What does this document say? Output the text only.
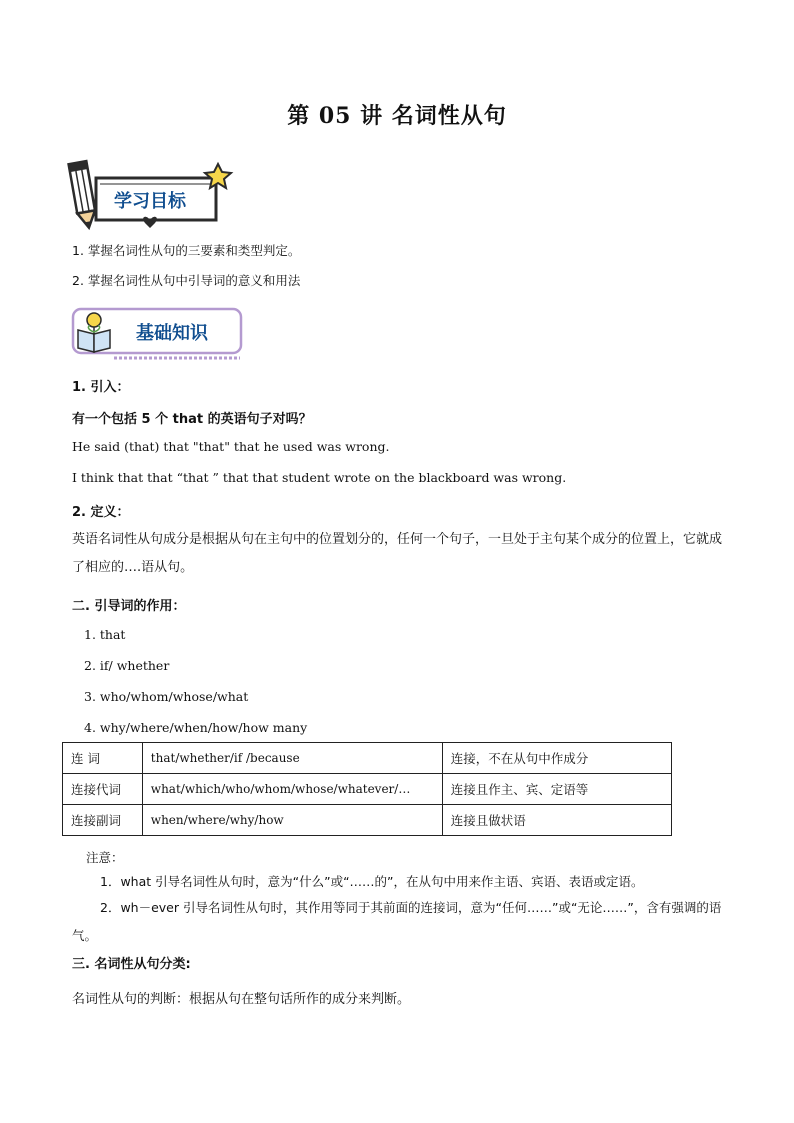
第 05 讲 名词性从句
学习目标
1. 掌握名词性从句的三要素和类型判定。
2. 掌握名词性从句中引导词的意义和用法
基础知识
1. 引入：
有一个包括 5 个 that 的英语句子对吗？
He said (that) that "that" that he used was wrong.
I think that that “that ” that that student wrote on the blackboard was wrong.
2. 定义：
英语名词性从句成分是根据从句在主句中的位置划分的，任何一个句子，一旦处于主句某个成分的位置上，它就成了相应的….语从句。
二. 引导词的作用：
1. that
2. if/ whether
3. who/whom/whose/what
4. why/where/when/how/how many
连 词	that/whether/if /because	连接，不在从句中作成分
连接代词	what/which/who/whom/whose/whatever/…	连接且作主、宾、定语等
连接副词	when/where/why/how	连接且做状语
注意：
1．what 引导名词性从句时，意为“什么”或“……的”，在从句中用来作主语、宾语、表语或定语。
2．wh－ever 引导名词性从句时，其作用等同于其前面的连接词，意为“任何……”或“无论……”，含有强调的语气。
三. 名词性从句分类:
名词性从句的判断：根据从句在整句话所作的成分来判断。
